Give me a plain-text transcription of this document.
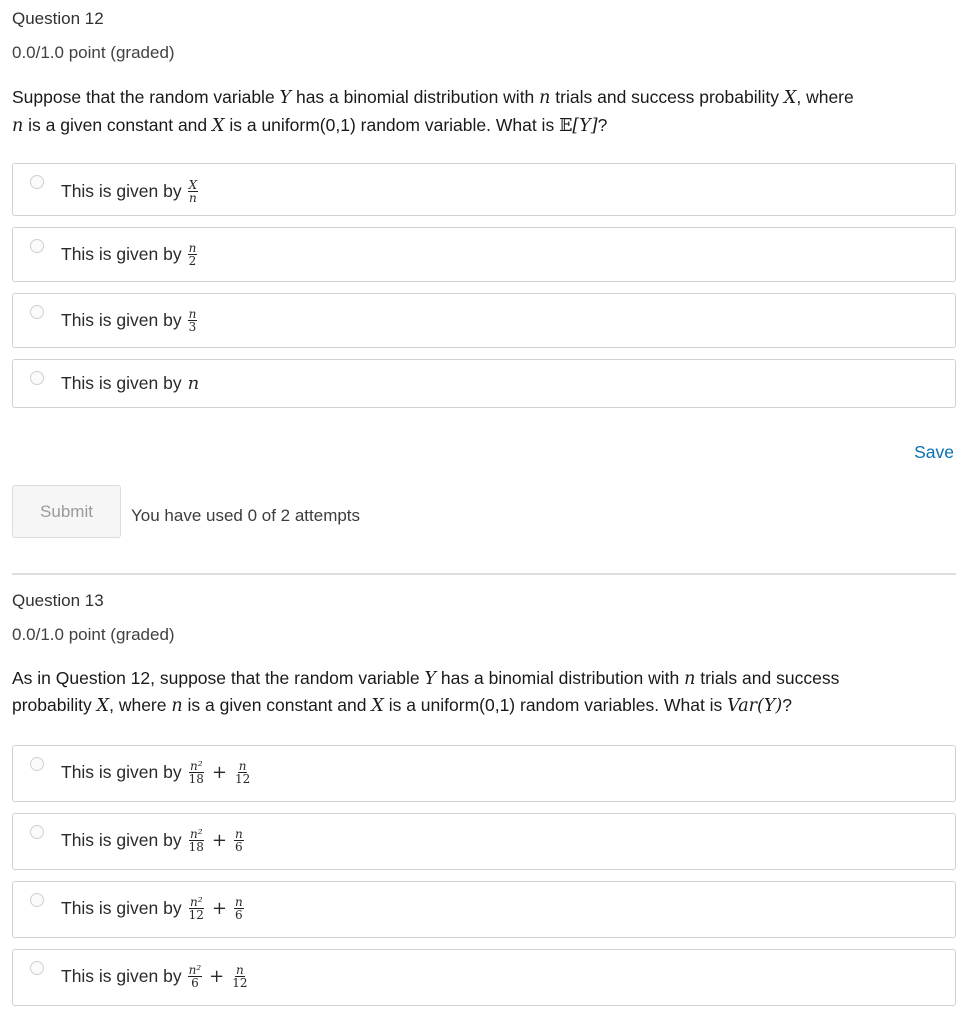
Question 12
0.0/1.0 point (graded)
Suppose that the random variable Y has a binomial distribution with n trials and success probability X, where
n is a given constant and X is a uniform(0,1) random variable. What is 𝔼[Y]?
This is given by $\frac{X}{n}$
This is given by $\frac{n}{2}$
This is given by $\frac{n}{3}$
This is given by n
Save
Submit	You have used 0 of 2 attempts
Question 13
0.0/1.0 point (graded)
As in Question 12, suppose that the random variable Y has a binomial distribution with n trials and success
probability X, where n is a given constant and X is a uniform(0,1) random variables. What is Var(Y)?
This is given by $\frac{\text{n²}}{18} + \frac{n}{12}$
This is given by $\frac{\text{n²}}{18} + \frac{n}{6}$
This is given by $\frac{\text{n²}}{12} + \frac{n}{6}$
This is given by $\frac{\text{n²}}{6} + \frac{n}{12}$
